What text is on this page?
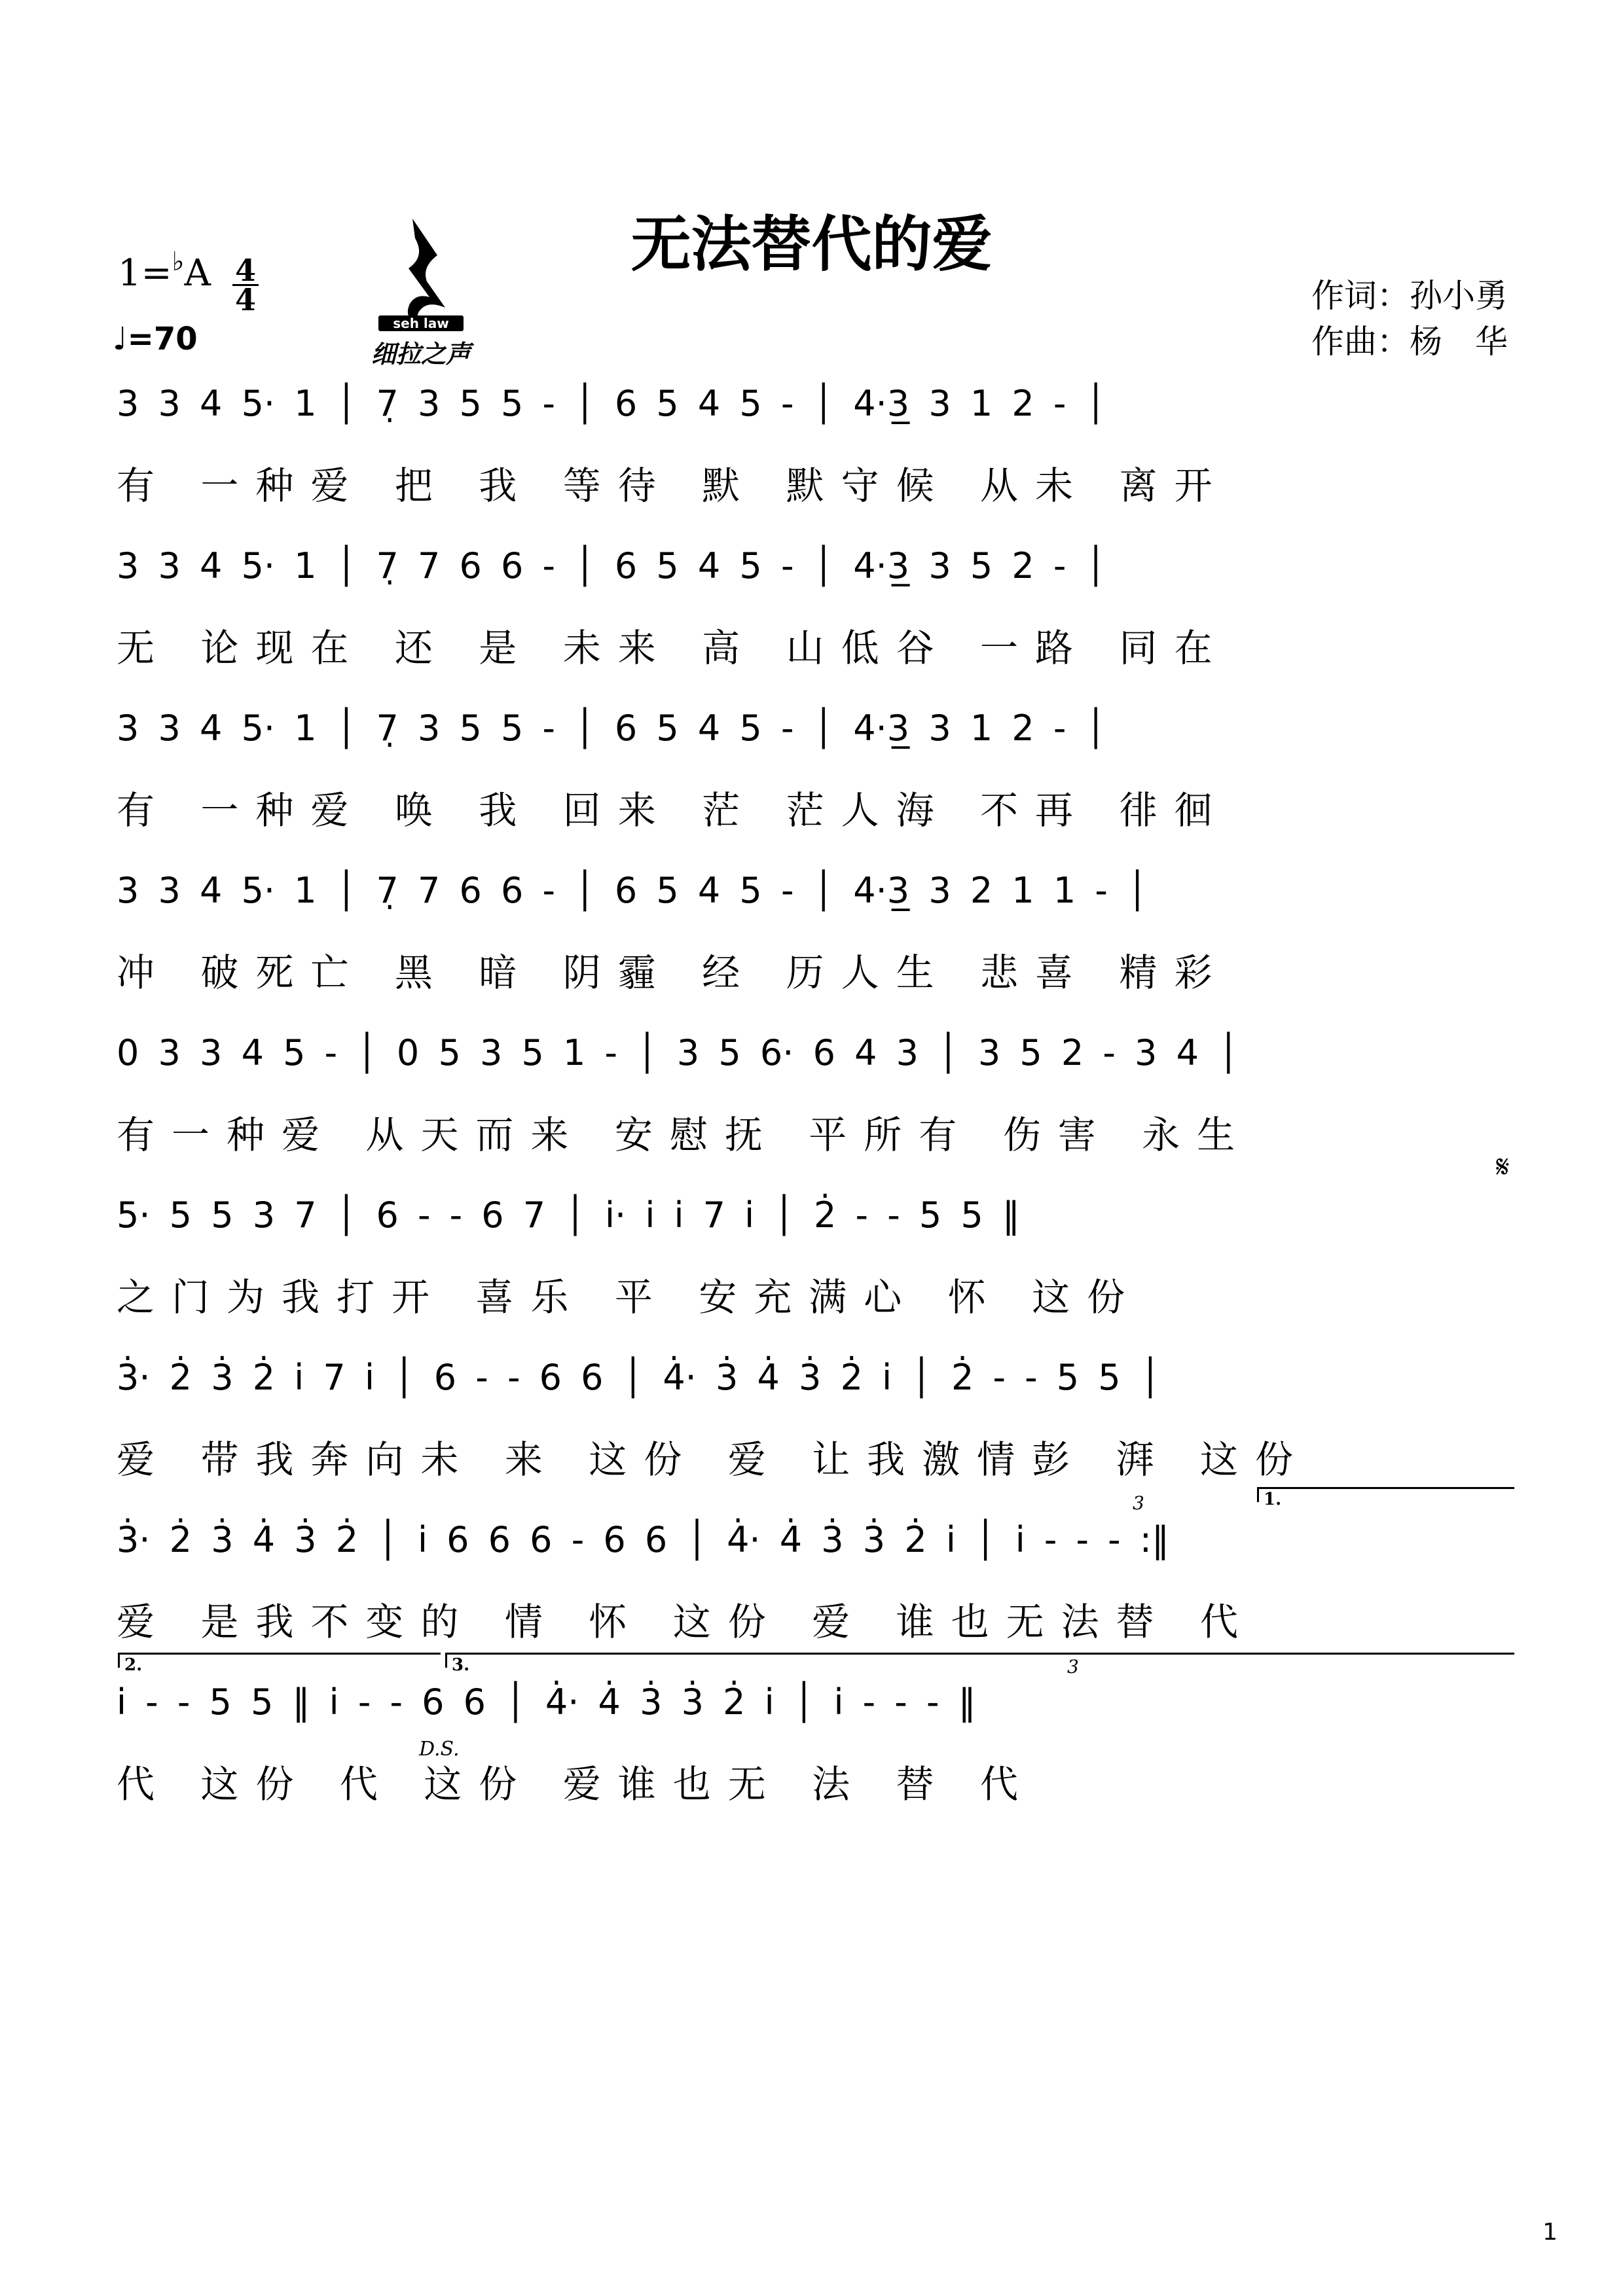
无法替代的爱
1=♭A 4
4
♩=70	seh law
细拉之声
作词：孙小勇
作曲：杨　华
3 3 4 5· 1 │ 7̣ 3 5 5 - │ 6 5 4 5 - │ 4·3̲ 3 1 2 - │
有 一种爱 把 我 等待 默 默守候 从未 离开
3 3 4 5· 1 │ 7̣ 7 6 6 - │ 6 5 4 5 - │ 4·3̲ 3 5 2 - │
无 论现在 还 是 未来 高 山低谷 一路 同在
3 3 4 5· 1 │ 7̣ 3 5 5 - │ 6 5 4 5 - │ 4·3̲ 3 1 2 - │
有 一种爱 唤 我 回来 茫 茫人海 不再 徘徊
3 3 4 5· 1 │ 7̣ 7 6 6 - │ 6 5 4 5 - │ 4·3̲ 3 2 1 1 - │
冲 破死亡 黑 暗 阴霾 经 历人生 悲喜 精彩
0 3 3 4 5 - │ 0 5 3 5 1 - │ 3 5 6· 6 4 3 │ 3 5 2 - 3 4 │
有一种爱 从天而来 安慰抚 平所有 伤害 永生
5· 5 5 3 7 │ 6 - - 6 7 │ i· i i 7 i │ 2̇ - - 5 5 ‖
之门为我打开 喜乐 平 安充满心 怀 这份
3̇· 2̇ 3̇ 2̇ i 7 i │ 6 - - 6 6 │ 4̇· 3̇ 4̇ 3̇ 2̇ i │ 2̇ - - 5 5 │
爱 带我奔向未 来 这份 爱 让我激情彭 湃 这份
3̇· 2̇ 3̇ 4̇ 3̇ 2̇ │ i 6 6 6 - 6 6 │ 4̇· 4̇ 3̇ 3̇ 2̇ i │ i - - - :‖
爱 是我不变的 情 怀 这份 爱 谁也无法替 代
i - - 5 5 ‖ i - - 6 6 │ 4̇· 4̇ 3̇ 3̇ 2̇ i │ i - - - ‖
代 这份 代 这份 爱谁也无 法 替 代
𝄋
D.S.
1.
2.	3.
3
3
1
